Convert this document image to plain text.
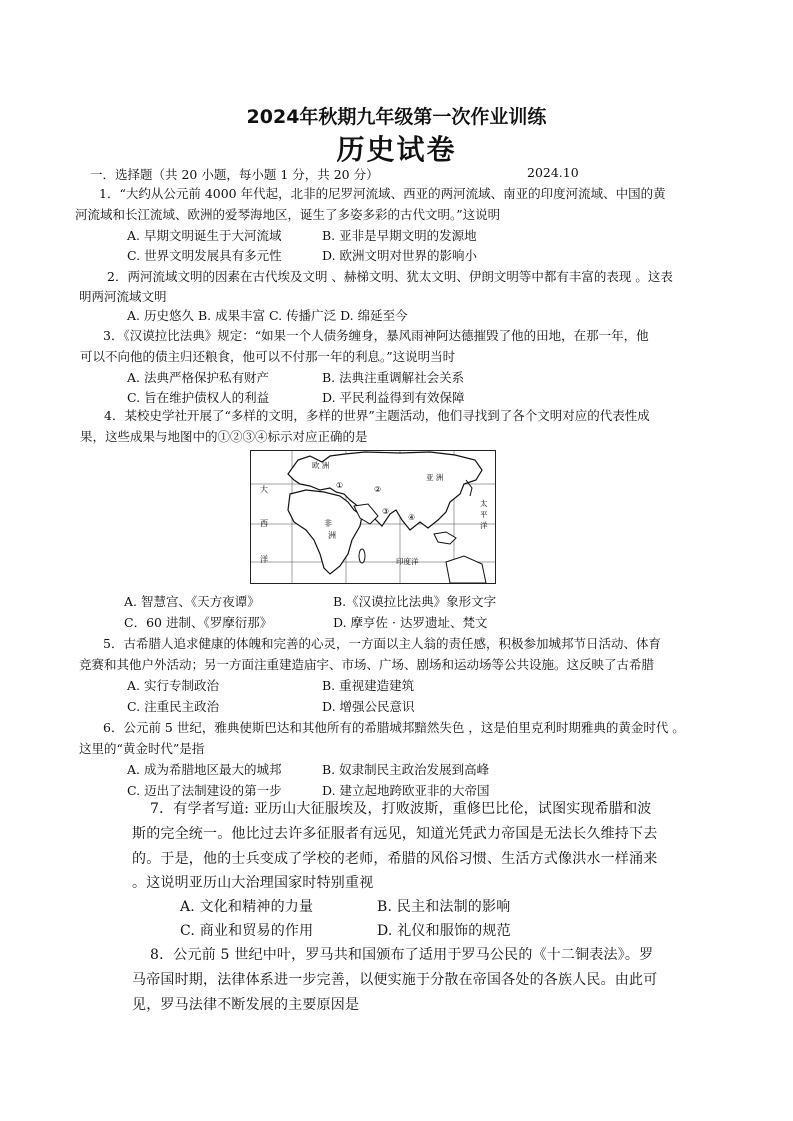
2024年秋期九年级第一次作业训练
历史试卷
一．选择题（共 20 小题，每小题 1 分，共 20 分）	2024.10
1．“大约从公元前 4000 年代起，北非的尼罗河流域、西亚的两河流域、南亚的印度河流域、中国的黄
河流域和长江流域、欧洲的爱琴海地区，诞生了多姿多彩的古代文明。”这说明
A. 早期文明诞生于大河流域	B. 亚非是早期文明的发源地
C. 世界文明发展具有多元性	D. 欧洲文明对世界的影响小
2．两河流域文明的因素在古代埃及文明 、赫梯文明、犹太文明、伊朗文明等中都有丰富的表现 。这表
明两河流域文明
A. 历史悠久 B. 成果丰富 C. 传播广泛 D. 绵延至今
3．《汉谟拉比法典》规定：“如果一个人债务缠身，暴风雨神阿达德摧毁了他的田地，在那一年，他
可以不向他的债主归还粮食，他可以不付那一年的利息。”这说明当时
A. 法典严格保护私有财产	B. 法典注重调解社会关系
C. 旨在维护债权人的利益	D. 平民利益得到有效保障
4．某校史学社开展了“多样的文明，多样的世界”主题活动，他们寻找到了各个文明对应的代表性成
果，这些成果与地图中的①②③④标示对应正确的是
欧 洲
亚 洲
非
洲
大
西
洋
太
平
洋
印度洋
①	②
③
④
A. 智慧宫、《天方夜谭》	B.《汉谟拉比法典》象形文字
C．60 进制、《罗摩衍那》	D. 摩亨佐 · 达罗遗址、梵文
5．古希腊人追求健康的体魄和完善的心灵，一方面以主人翁的责任感，积极参加城邦节日活动、体育
竞赛和其他户外活动；另一方面注重建造庙宇、市场、广场、剧场和运动场等公共设施。这反映了古希腊
A. 实行专制政治	B. 重视建造建筑
C. 注重民主政治	D. 增强公民意识
6．公元前 5 世纪，雅典使斯巴达和其他所有的希腊城邦黯然失色 ，这是伯里克利时期雅典的黄金时代 。
这里的“黄金时代”是指
A. 成为希腊地区最大的城邦	B. 奴隶制民主政治发展到高峰
C. 迈出了法制建设的第一步	D. 建立起地跨欧亚非的大帝国
7．有学者写道: 亚历山大征服埃及，打败波斯，重修巴比伦，试图实现希腊和波
斯的完全统一。他比过去许多征服者有远见，知道光凭武力帝国是无法长久维持下去
的。于是，他的士兵变成了学校的老师，希腊的风俗习惯、生活方式像洪水一样涌来
。这说明亚历山大治理国家时特别重视
A. 文化和精神的力量	B. 民主和法制的影响
C. 商业和贸易的作用	D. 礼仪和服饰的规范
8．公元前 5 世纪中叶，罗马共和国颁布了适用于罗马公民的《十二铜表法》。罗
马帝国时期，法律体系进一步完善，以便实施于分散在帝国各处的各族人民。由此可
见，罗马法律不断发展的主要原因是
